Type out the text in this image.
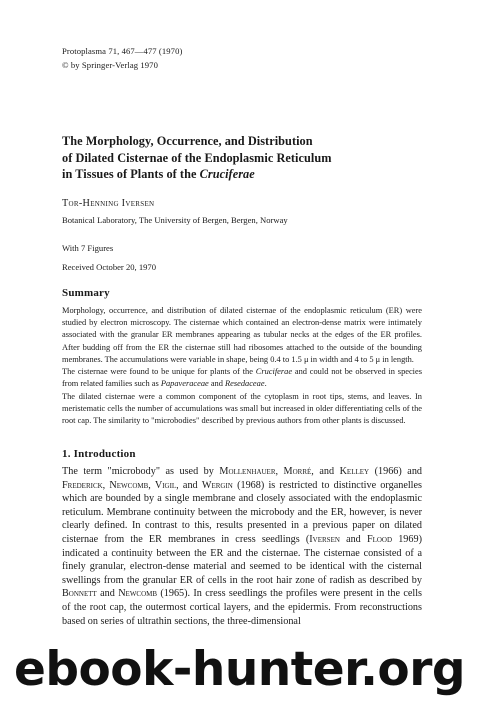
Protoplasma 71, 467—477 (1970)
© by Springer-Verlag 1970
The Morphology, Occurrence, and Distribution
of Dilated Cisternae of the Endoplasmic Reticulum
in Tissues of Plants of the Cruciferae
Tor-Henning Iversen
Botanical Laboratory, The University of Bergen, Bergen, Norway
With 7 Figures
Received October 20, 1970
Summary

Morphology, occurrence, and distribution of dilated cisternae of the endoplasmic reticulum (ER) were studied by electron microscopy. The cisternae which contained an electron-dense matrix were intimately associated with the granular ER membranes appearing as tubular necks at the edges of the ER profiles. After budding off from the ER the cisternae still had ribosomes attached to the outside of the bounding membranes. The accumulations were variable in shape, being 0.4 to 1.5 μ in width and 4 to 5 μ in length.

The cisternae were found to be unique for plants of the Cruciferae and could not be observed in species from related families such as Papaveraceae and Resedaceae.

The dilated cisternae were a common component of the cytoplasm in root tips, stems, and leaves. In meristematic cells the number of accumulations was small but increased in older differentiating cells of the root cap. The similarity to "microbodies" described by previous authors from other plants is discussed.

1. Introduction

The term "microbody" as used by Mollenhauer, Morré, and Kelley (1966) and Frederick, Newcomb, Vigil, and Wergin (1968) is restricted to distinctive organelles which are bounded by a single membrane and closely associated with the endoplasmic reticulum. Membrane continuity between the microbody and the ER, however, is never clearly defined. In contrast to this, results presented in a previous paper on dilated cisternae from the ER membranes in cress seedlings (Iversen and Flood 1969) indicated a continuity between the ER and the cisternae. The cisternae consisted of a finely granular, electron-dense material and seemed to be identical with the cisternal swellings from the granular ER of cells in the root hair zone of radish as described by Bonnett and Newcomb (1965). In cress seedlings the profiles were present in the cells of the root cap, the outermost cortical layers, and the epidermis. From reconstructions based on series of ultrathin sections, the three-dimensional

ebook-hunter.org
